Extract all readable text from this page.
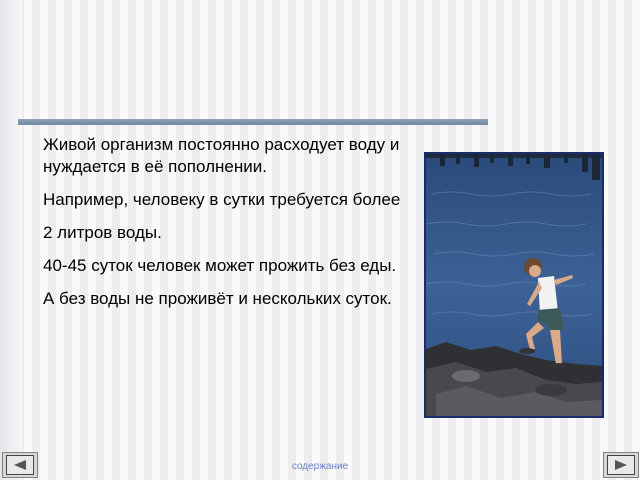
Живой организм постоянно расходует воду и нуждается в её пополнении.

Например, человеку в сутки требуется более

2 литров воды.

40-45 суток человек может прожить без еды.

А без воды не проживёт и нескольких суток.

содержание
